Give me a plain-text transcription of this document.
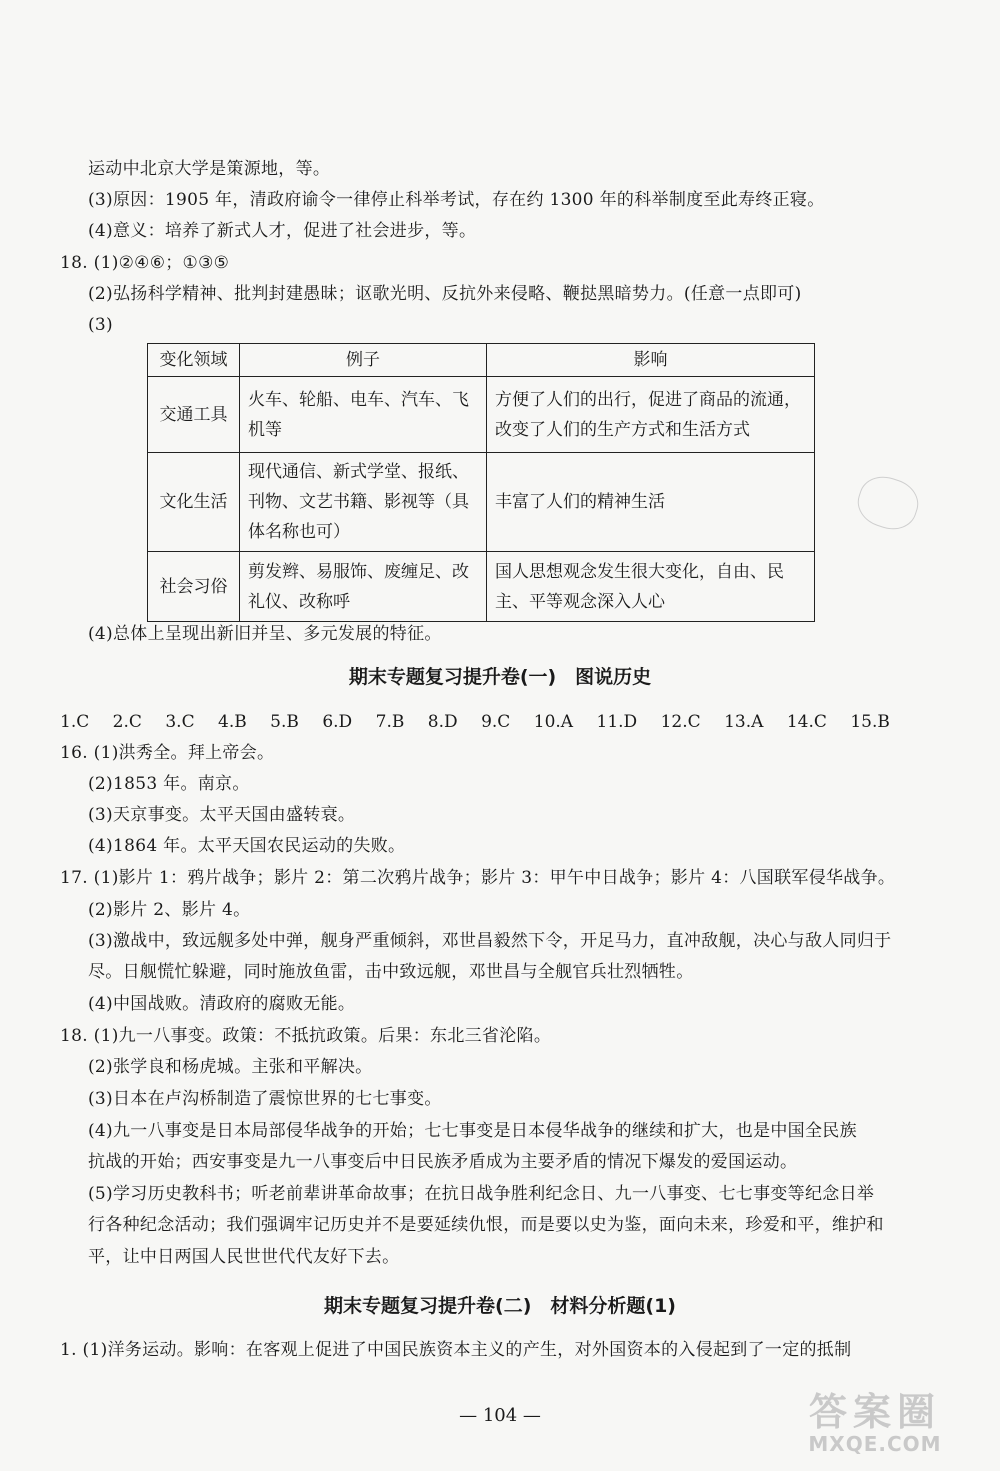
运动中北京大学是策源地，等。
(3)原因：1905 年，清政府谕令一律停止科举考试，存在约 1300 年的科举制度至此寿终正寝。
(4)意义：培养了新式人才，促进了社会进步，等。
18. (1)②④⑥；①③⑤
(2)弘扬科学精神、批判封建愚昧；讴歌光明、反抗外来侵略、鞭挞黑暗势力。(任意一点即可)
(3)
变化领域	例子	影响
交通工具	火车、轮船、电车、汽车、飞机等	方便了人们的出行，促进了商品的流通，改变了人们的生产方式和生活方式
文化生活	现代通信、新式学堂、报纸、刊物、文艺书籍、影视等（具体名称也可）	丰富了人们的精神生活
社会习俗	剪发辫、易服饰、废缠足、改礼仪、改称呼	国人思想观念发生很大变化，自由、民主、平等观念深入人心
(4)总体上呈现出新旧并呈、多元发展的特征。
期末专题复习提升卷(一)　图说历史
1.C 2.C 3.C 4.B 5.B 6.D 7.B 8.D 9.C 10.A 11.D 12.C 13.A 14.C 15.B
16. (1)洪秀全。拜上帝会。
(2)1853 年。南京。
(3)天京事变。太平天国由盛转衰。
(4)1864 年。太平天国农民运动的失败。
17. (1)影片 1：鸦片战争；影片 2：第二次鸦片战争；影片 3：甲午中日战争；影片 4：八国联军侵华战争。
(2)影片 2、影片 4。
(3)激战中，致远舰多处中弹，舰身严重倾斜，邓世昌毅然下令，开足马力，直冲敌舰，决心与敌人同归于
尽。日舰慌忙躲避，同时施放鱼雷，击中致远舰，邓世昌与全舰官兵壮烈牺牲。
(4)中国战败。清政府的腐败无能。
18. (1)九一八事变。政策：不抵抗政策。后果：东北三省沦陷。
(2)张学良和杨虎城。主张和平解决。
(3)日本在卢沟桥制造了震惊世界的七七事变。
(4)九一八事变是日本局部侵华战争的开始；七七事变是日本侵华战争的继续和扩大，也是中国全民族
抗战的开始；西安事变是九一八事变后中日民族矛盾成为主要矛盾的情况下爆发的爱国运动。
(5)学习历史教科书；听老前辈讲革命故事；在抗日战争胜利纪念日、九一八事变、七七事变等纪念日举
行各种纪念活动；我们强调牢记历史并不是要延续仇恨，而是要以史为鉴，面向未来，珍爱和平，维护和
平，让中日两国人民世世代代友好下去。
期末专题复习提升卷(二)　材料分析题(1)
1. (1)洋务运动。影响：在客观上促进了中国民族资本主义的产生，对外国资本的入侵起到了一定的抵制
— 104 —	答案圈
MXQE.COM
